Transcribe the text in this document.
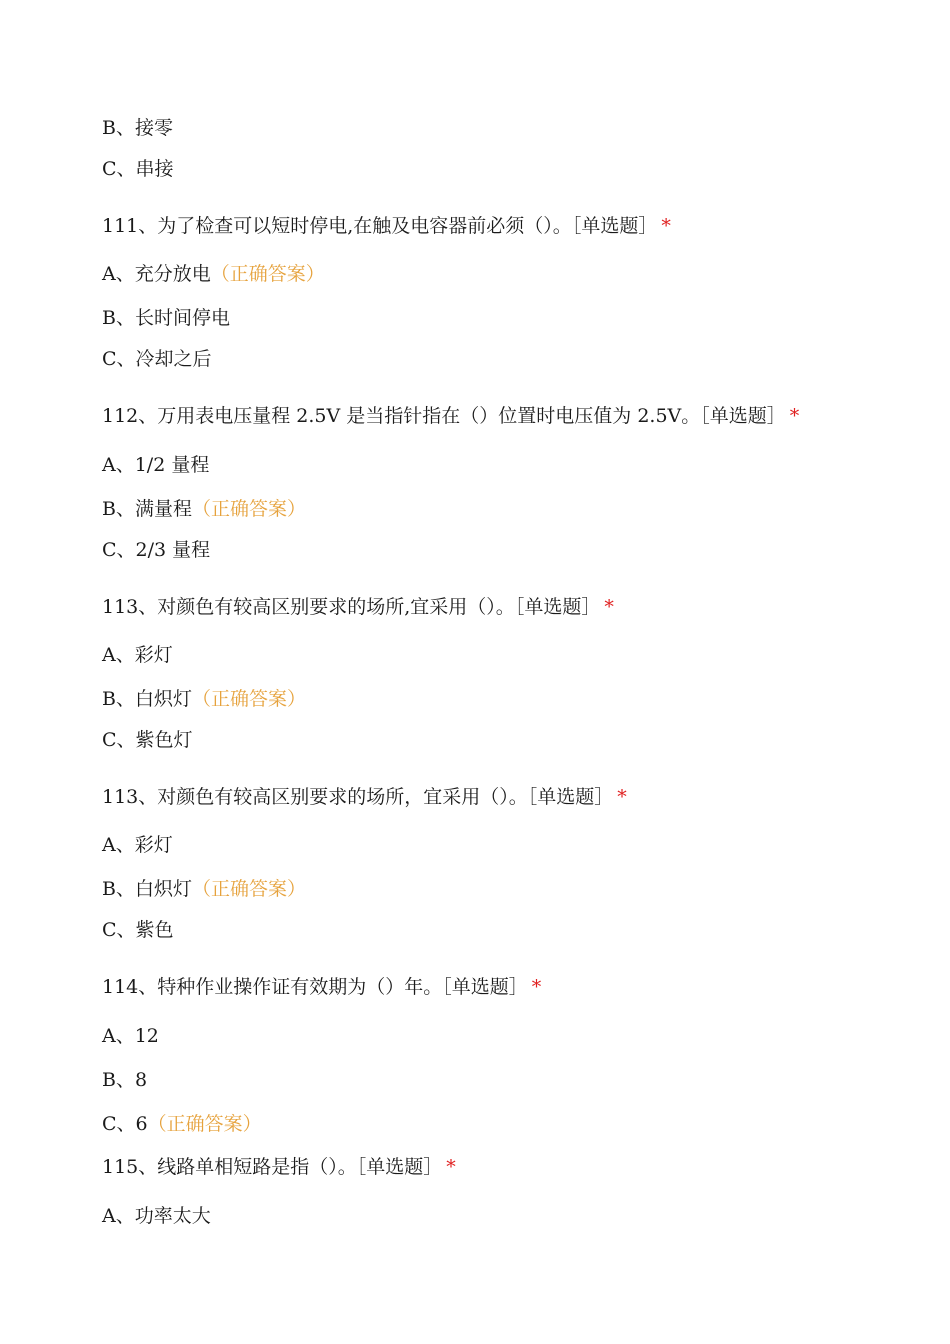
B、接零
C、串接
111、为了检查可以短时停电,在触及电容器前必须（）。［单选题］ *
A、充分放电（正确答案）
B、长时间停电
C、冷却之后
112、万用表电压量程 2.5V 是当指针指在（）位置时电压值为 2.5V。［单选题］ *
A、1/2 量程
B、满量程（正确答案）
C、2/3 量程
113、对颜色有较高区别要求的场所,宜采用（）。［单选题］ *
A、彩灯
B、白炽灯（正确答案）
C、紫色灯
113、对颜色有较高区别要求的场所，宜采用（）。［单选题］ *
A、彩灯
B、白炽灯（正确答案）
C、紫色
114、特种作业操作证有效期为（）年。［单选题］ *
A、12
B、8
C、6（正确答案）
115、线路单相短路是指（）。［单选题］ *
A、功率太大
